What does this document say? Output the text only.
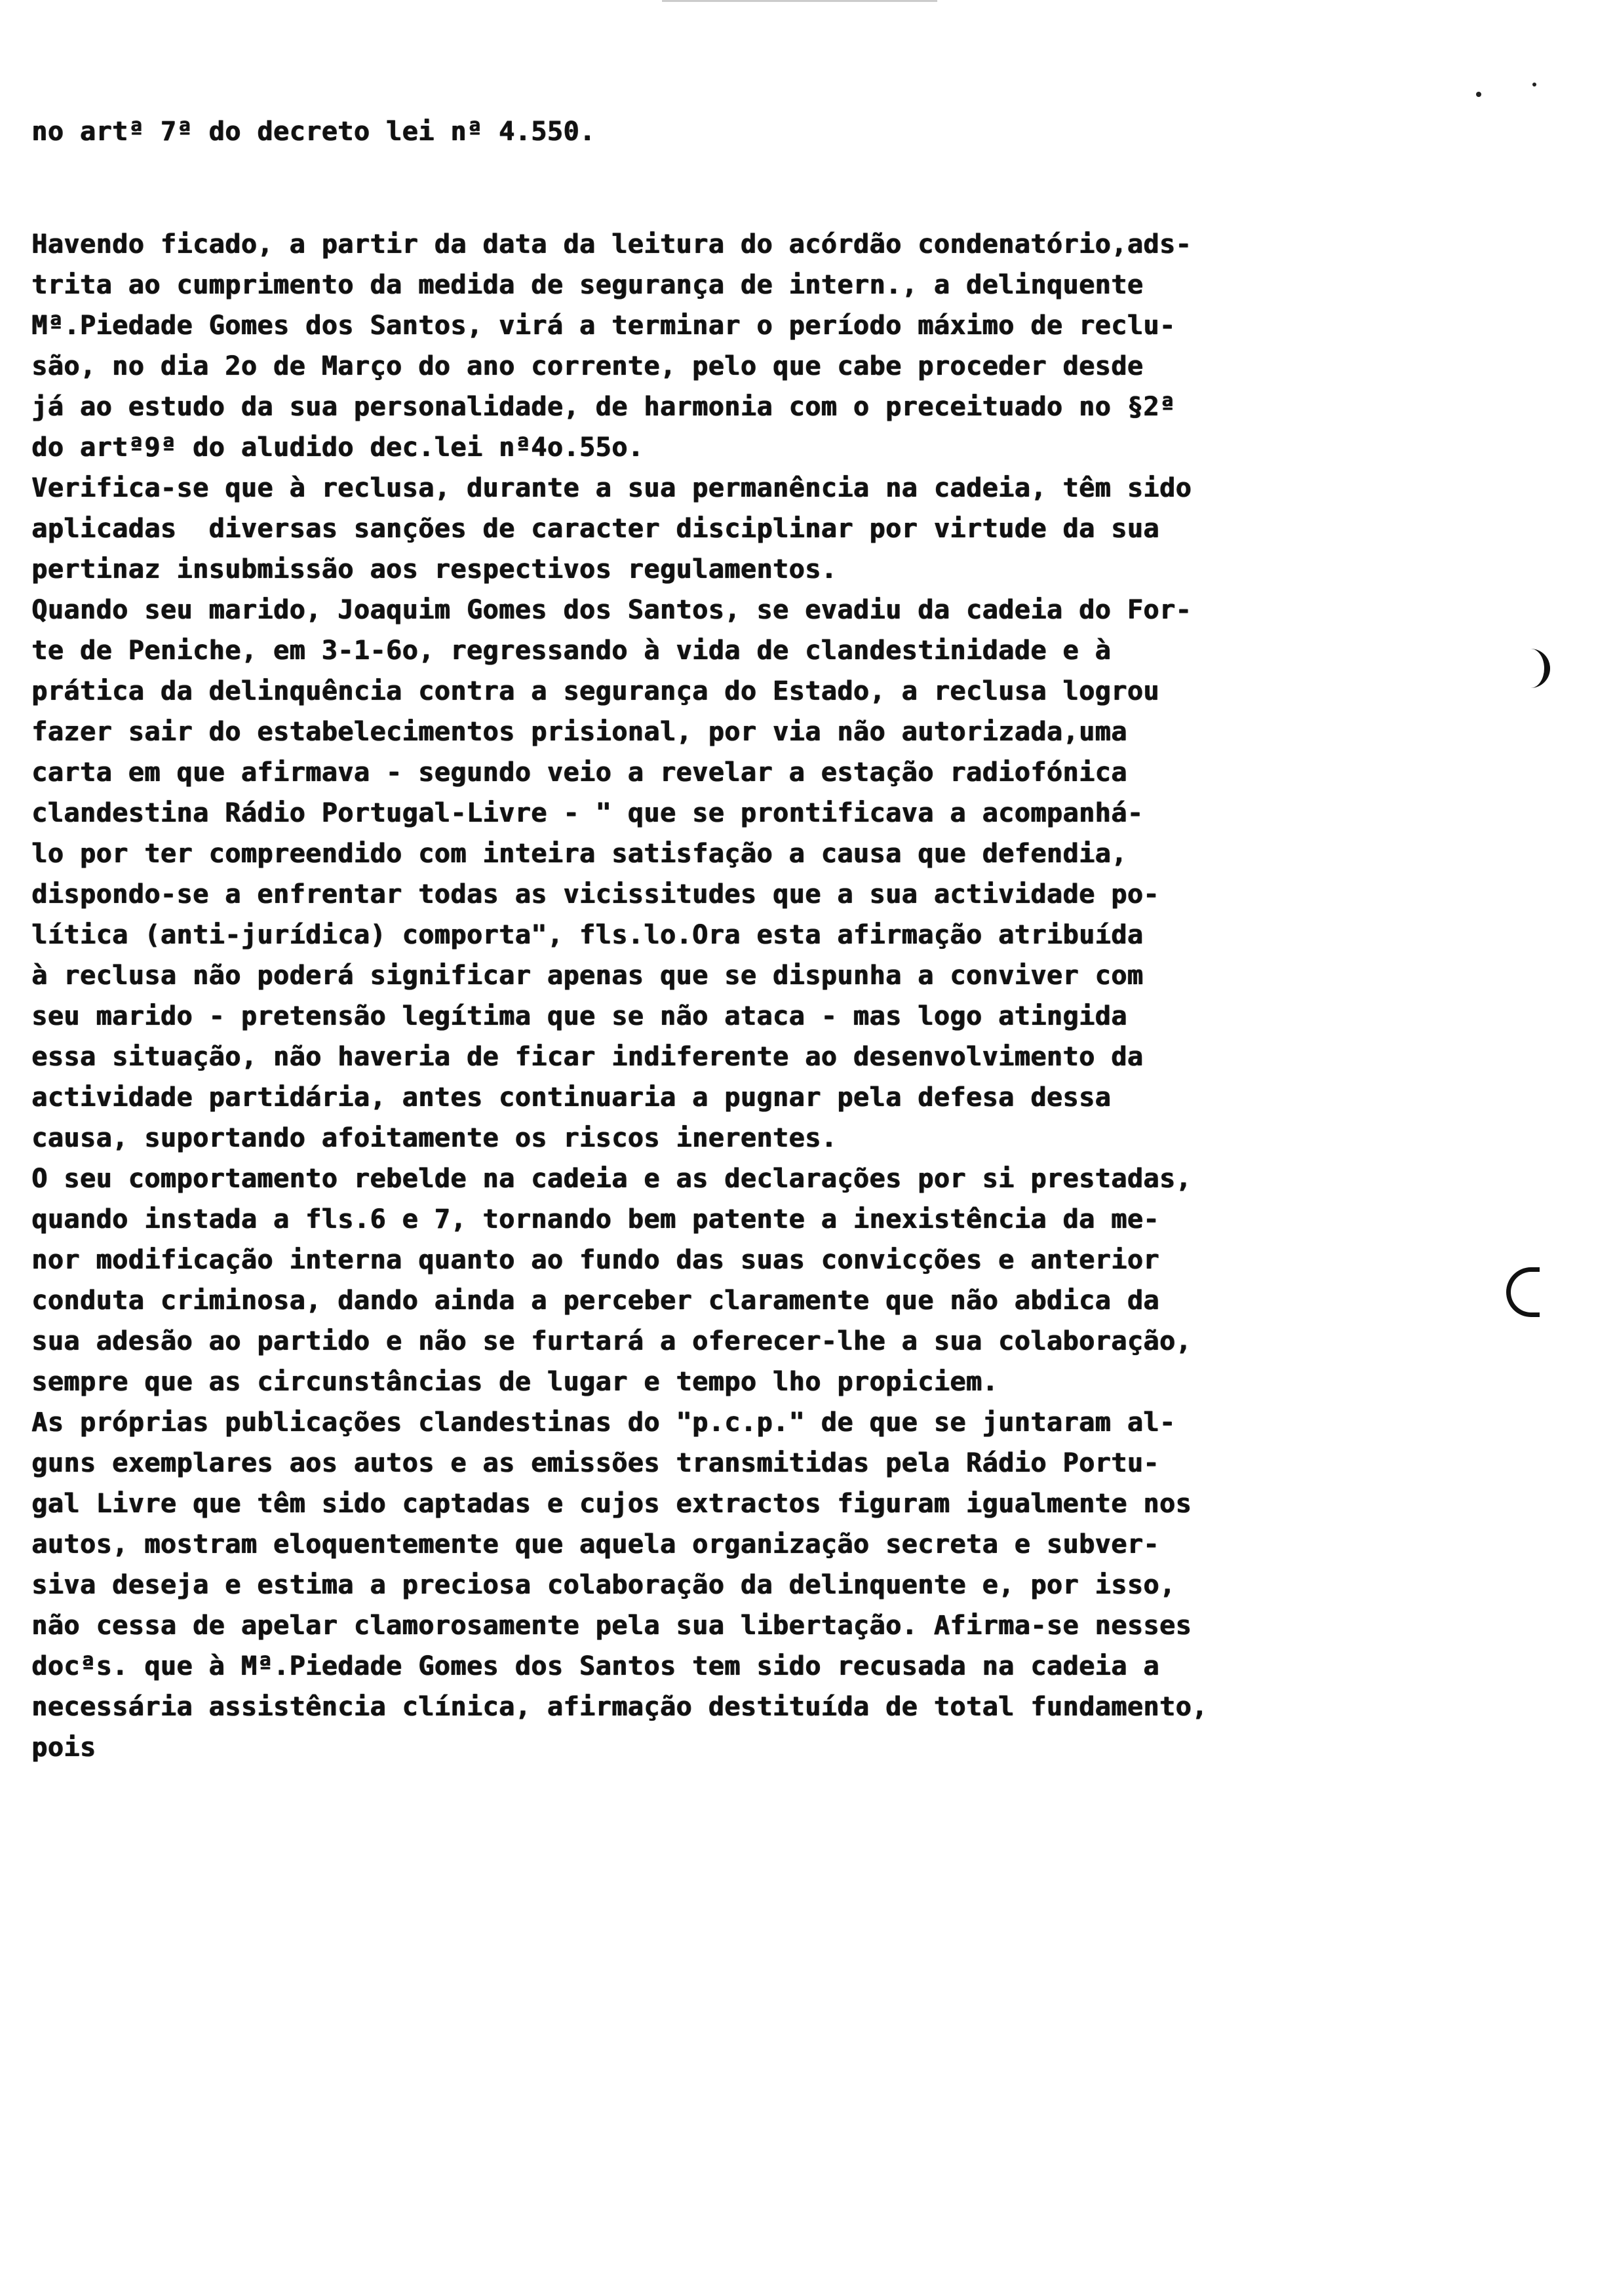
no artª 7ª do decreto lei nª 4.550.
Havendo ficado, a partir da data da leitura do acórdão condenatório,ads-
trita ao cumprimento da medida de segurança de intern., a delinquente
Mª.Piedade Gomes dos Santos, virá a terminar o período máximo de reclu-
são, no dia 2o de Março do ano corrente, pelo que cabe proceder desde
já ao estudo da sua personalidade, de harmonia com o preceituado no §2ª
do artª9ª do aludido dec.lei nª4o.55o.
Verifica-se que à reclusa, durante a sua permanência na cadeia, têm sido
aplicadas  diversas sanções de caracter disciplinar por virtude da sua
pertinaz insubmissão aos respectivos regulamentos.
Quando seu marido, Joaquim Gomes dos Santos, se evadiu da cadeia do For-
te de Peniche, em 3-1-6o, regressando à vida de clandestinidade e à
prática da delinquência contra a segurança do Estado, a reclusa logrou
fazer sair do estabelecimentos prisional, por via não autorizada,uma
carta em que afirmava - segundo veio a revelar a estação radiofónica
clandestina Rádio Portugal-Livre - " que se prontificava a acompanhá-
lo por ter compreendido com inteira satisfação a causa que defendia,
dispondo-se a enfrentar todas as vicissitudes que a sua actividade po-
lítica (anti-jurídica) comporta", fls.lo.Ora esta afirmação atribuída
à reclusa não poderá significar apenas que se dispunha a conviver com
seu marido - pretensão legítima que se não ataca - mas logo atingida
essa situação, não haveria de ficar indiferente ao desenvolvimento da
actividade partidária, antes continuaria a pugnar pela defesa dessa
causa, suportando afoitamente os riscos inerentes.
O seu comportamento rebelde na cadeia e as declarações por si prestadas,
quando instada a fls.6 e 7, tornando bem patente a inexistência da me-
nor modificação interna quanto ao fundo das suas convicções e anterior
conduta criminosa, dando ainda a perceber claramente que não abdica da
sua adesão ao partido e não se furtará a oferecer-lhe a sua colaboração,
sempre que as circunstâncias de lugar e tempo lho propiciem.
As próprias publicações clandestinas do "p.c.p." de que se juntaram al-
guns exemplares aos autos e as emissões transmitidas pela Rádio Portu-
gal Livre que têm sido captadas e cujos extractos figuram igualmente nos
autos, mostram eloquentemente que aquela organização secreta e subver-
siva deseja e estima a preciosa colaboração da delinquente e, por isso,
não cessa de apelar clamorosamente pela sua libertação. Afirma-se nesses
docªs. que à Mª.Piedade Gomes dos Santos tem sido recusada na cadeia a
necessária assistência clínica, afirmação destituída de total fundamento,
pois
